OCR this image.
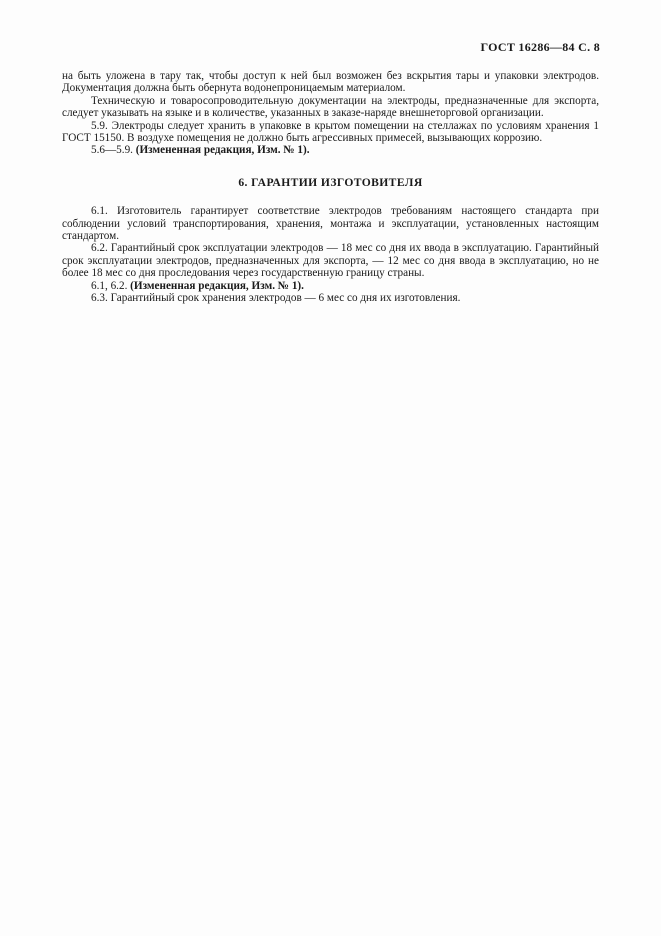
ГОСТ 16286—84 С. 8

на быть уложена в тару так, чтобы доступ к ней был возможен без вскрытия тары и упаковки электродов. Документация должна быть обернута водонепроницаемым материалом.

Техническую и товаросопроводительную документации на электроды, предназначенные для экспорта, следует указывать на языке и в количестве, указанных в заказе-наряде внешнеторговой организации.

5.9. Электроды следует хранить в упаковке в крытом помещении на стеллажах по условиям хранения 1 ГОСТ 15150. В воздухе помещения не должно быть агрессивных примесей, вызывающих коррозию.

5.6—5.9. (Измененная редакция, Изм. № 1).

6. ГАРАНТИИ ИЗГОТОВИТЕЛЯ

6.1. Изготовитель гарантирует соответствие электродов требованиям настоящего стандарта при соблюдении условий транспортирования, хранения, монтажа и эксплуатации, установленных настоящим стандартом.

6.2. Гарантийный срок эксплуатации электродов — 18 мес со дня их ввода в эксплуатацию. Гарантийный срок эксплуатации электродов, предназначенных для экспорта, — 12 мес со дня ввода в эксплуатацию, но не более 18 мес со дня проследования через государственную границу страны.

6.1, 6.2. (Измененная редакция, Изм. № 1).

6.3. Гарантийный срок хранения электродов — 6 мес со дня их изготовления.
